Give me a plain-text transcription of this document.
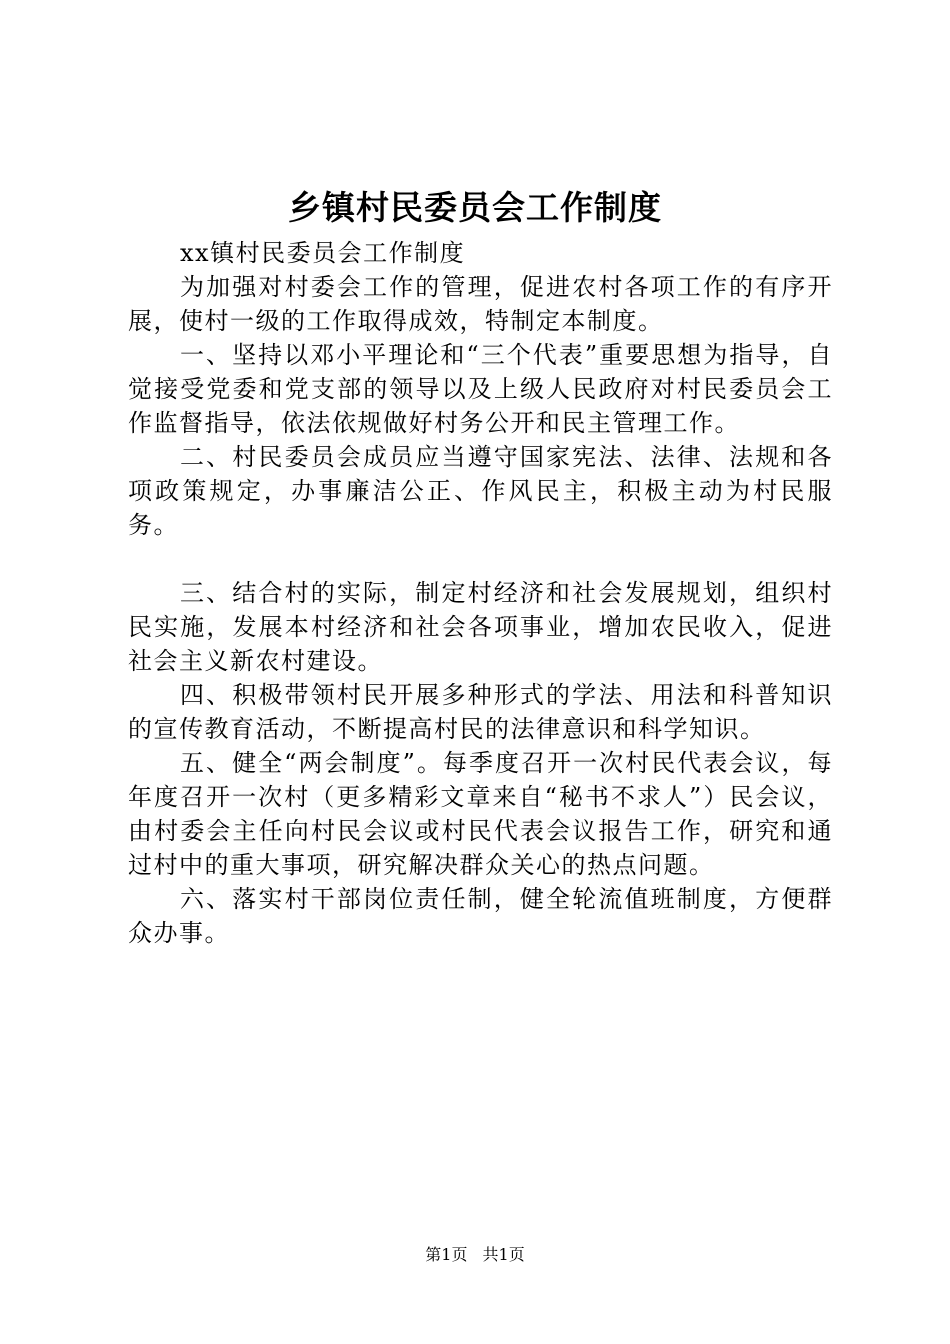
乡镇村民委员会工作制度

xx镇村民委员会工作制度

为加强对村委会工作的管理，促进农村各项工作的有序开展，使村一级的工作取得成效，特制定本制度。

一、坚持以邓小平理论和“三个代表”重要思想为指导，自觉接受党委和党支部的领导以及上级人民政府对村民委员会工作监督指导，依法依规做好村务公开和民主管理工作。

二、村民委员会成员应当遵守国家宪法、法律、法规和各项政策规定，办事廉洁公正、作风民主，积极主动为村民服务。

三、结合村的实际，制定村经济和社会发展规划，组织村民实施，发展本村经济和社会各项事业，增加农民收入，促进社会主义新农村建设。

四、积极带领村民开展多种形式的学法、用法和科普知识的宣传教育活动，不断提高村民的法律意识和科学知识。

五、健全“两会制度”。每季度召开一次村民代表会议，每年度召开一次村（更多精彩文章来自“秘书不求人”）民会议，由村委会主任向村民会议或村民代表会议报告工作，研究和通过村中的重大事项，研究解决群众关心的热点问题。

六、落实村干部岗位责任制，健全轮流值班制度，方便群众办事。

第1页 共1页
